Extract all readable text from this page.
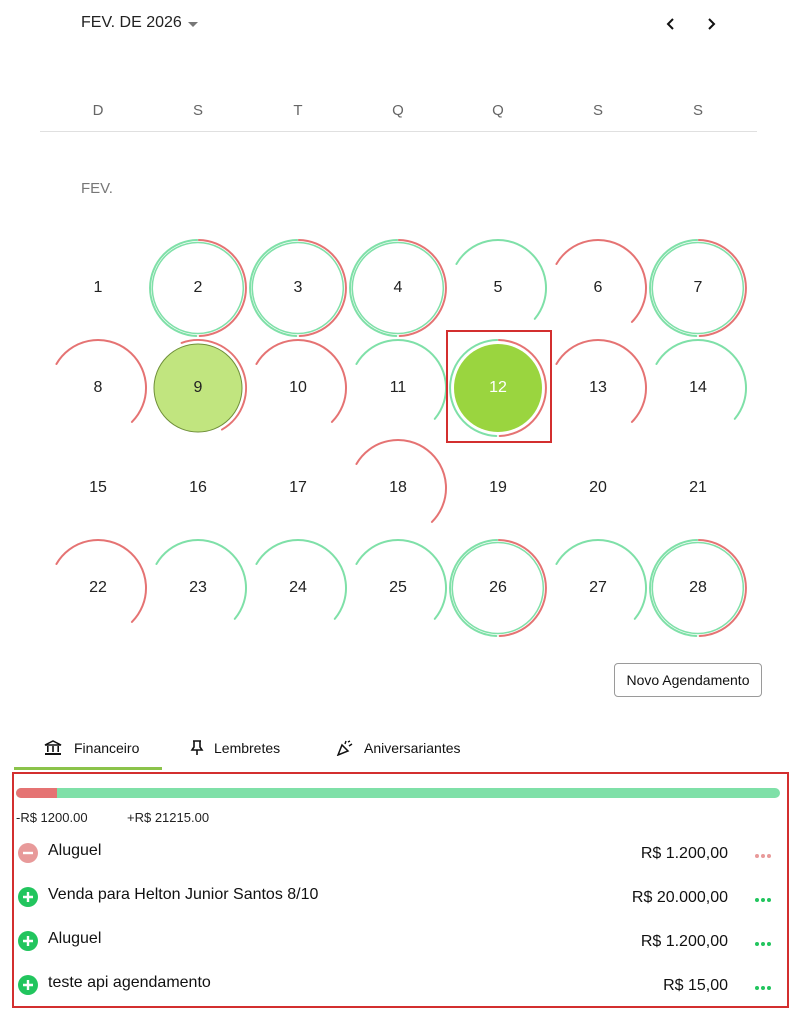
FEV. DE 2026
D	S	T	Q	Q	S	S
FEV.
1	2	3	4	5	6	7
8	9	10	11	12	13	14
15	16	17	18	19	20	21
22	23	24	25	26	27	28
Novo Agendamento
Financeiro	Lembretes	Aniversariantes
-R$ 1200.00	+R$ 21215.00
Aluguel	R$ 1.200,00
Venda para Helton Junior Santos 8/10	R$ 20.000,00
Aluguel	R$ 1.200,00
teste api agendamento	R$ 15,00
